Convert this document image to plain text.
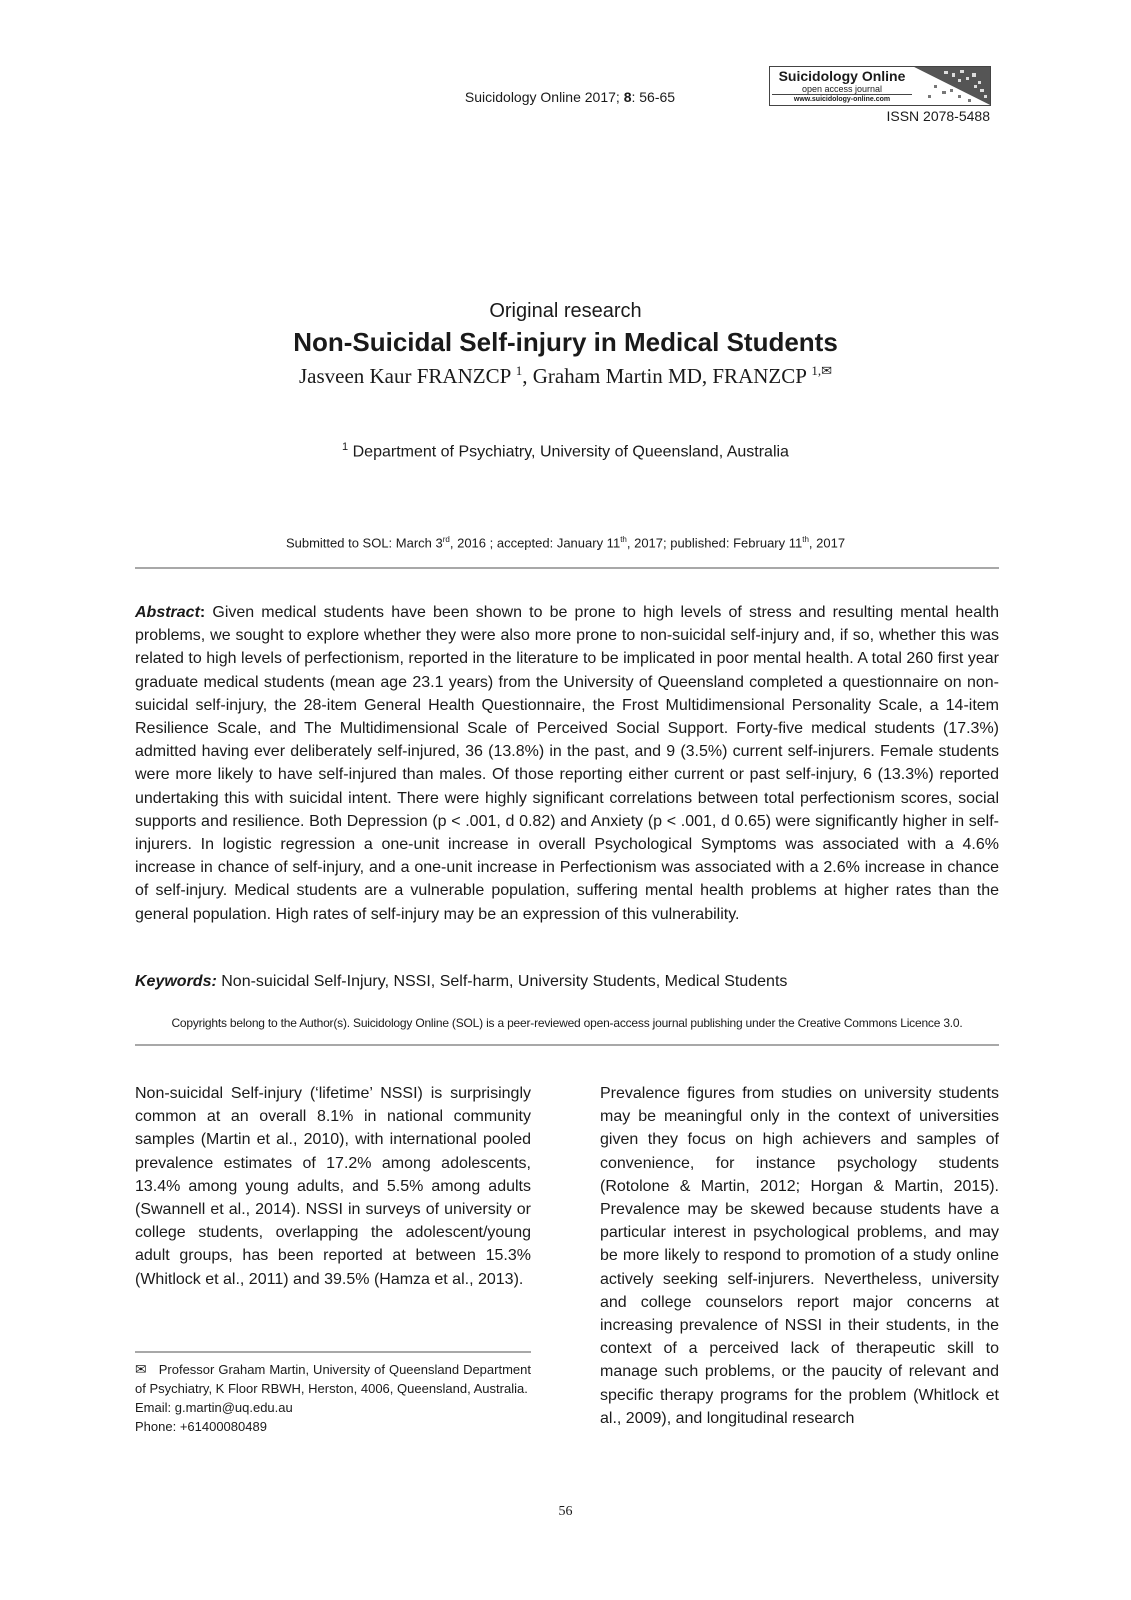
Suicidology Online 2017; 8: 56-65
Suicidology Online
open access journal
www.suicidology-online.com
ISSN 2078-5488
Original research
Non-Suicidal Self-injury in Medical Students
Jasveen Kaur FRANZCP $^1$, Graham Martin MD, FRANZCP $^{1,✉}$
$^1$ Department of Psychiatry, University of Queensland, Australia
Submitted to SOL: March 3rd, 2016 ; accepted: January 11th, 2017; published: February 11th, 2017
Abstract: Given medical students have been shown to be prone to high levels of stress and resulting mental health problems, we sought to explore whether they were also more prone to non-suicidal self-injury and, if so, whether this was related to high levels of perfectionism, reported in the literature to be implicated in poor mental health. A total 260 first year graduate medical students (mean age 23.1 years) from the University of Queensland completed a questionnaire on non-suicidal self-injury, the 28-item General Health Questionnaire, the Frost Multidimensional Personality Scale, a 14-item Resilience Scale, and The Multidimensional Scale of Perceived Social Support. Forty-five medical students (17.3%) admitted having ever deliberately self-injured, 36 (13.8%) in the past, and 9 (3.5%) current self-injurers. Female students were more likely to have self-injured than males. Of those reporting either current or past self-injury, 6 (13.3%) reported undertaking this with suicidal intent. There were highly significant correlations between total perfectionism scores, social supports and resilience. Both Depression (p < .001, d 0.82) and Anxiety (p < .001, d 0.65) were significantly higher in self-injurers. In logistic regression a one-unit increase in overall Psychological Symptoms was associated with a 4.6% increase in chance of self-injury, and a one-unit increase in Perfectionism was associated with a 2.6% increase in chance of self-injury. Medical students are a vulnerable population, suffering mental health problems at higher rates than the general population. High rates of self-injury may be an expression of this vulnerability.
Keywords: Non-suicidal Self-Injury, NSSI, Self-harm, University Students, Medical Students
Copyrights belong to the Author(s). Suicidology Online (SOL) is a peer-reviewed open-access journal publishing under the Creative Commons Licence 3.0.
Non-suicidal Self-injury (‘lifetime’ NSSI) is surprisingly common at an overall 8.1% in national community samples (Martin et al., 2010), with international pooled prevalence estimates of 17.2% among adolescents, 13.4% among young adults, and 5.5% among adults (Swannell et al., 2014). NSSI in surveys of university or college students, overlapping the adolescent/young adult groups, has been reported at between 15.3% (Whitlock et al., 2011) and 39.5% (Hamza et al., 2013).
Prevalence figures from studies on university students may be meaningful only in the context of universities given they focus on high achievers and samples of convenience, for instance psychology students (Rotolone & Martin, 2012; Horgan & Martin, 2015). Prevalence may be skewed because students have a particular interest in psychological problems, and may be more likely to respond to promotion of a study online actively seeking self-injurers. Nevertheless, university and college counselors report major concerns at increasing prevalence of NSSI in their students, in the context of a perceived lack of therapeutic skill to manage such problems, or the paucity of relevant and specific therapy programs for the problem (Whitlock et al., 2009), and longitudinal research
✉ Professor Graham Martin, University of Queensland Department of Psychiatry, K Floor RBWH, Herston, 4006, Queensland, Australia.
Email: g.martin@uq.edu.au
Phone: +61400080489
56
